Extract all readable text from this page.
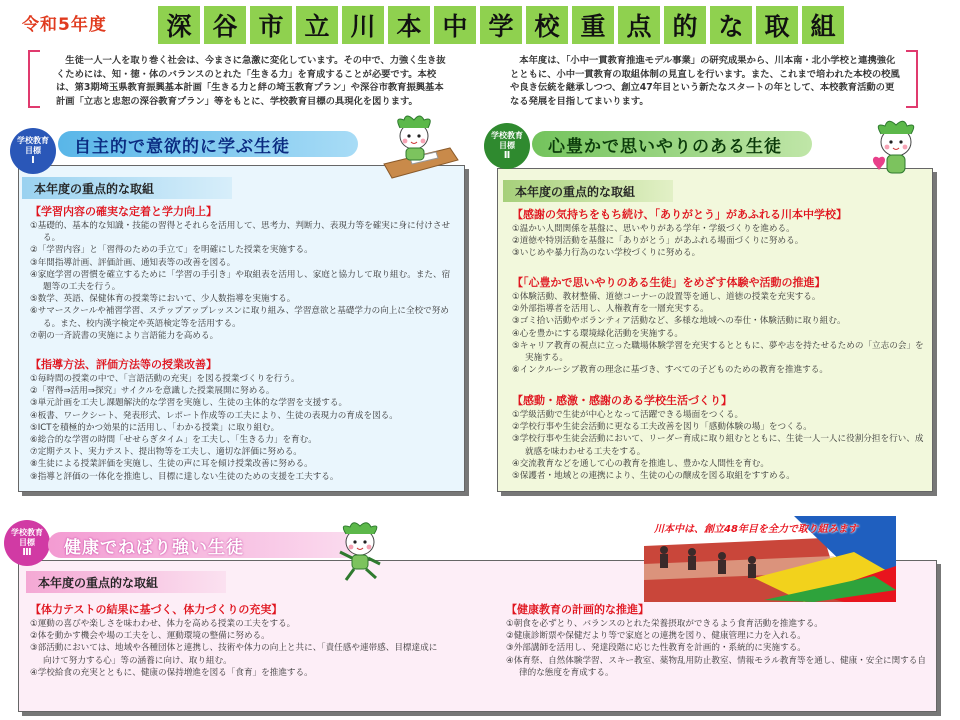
令和5年度	深 谷 市 立 川 本 中 学 校 重 点 的 な 取 組

生徒一人一人を取り巻く社会は、今まさに急激に変化しています。その中で、力強く生き抜くためには、知・徳・体のバランスのとれた「生きる力」を育成することが必要です。本校は、第3期埼玉県教育振興基本計画「生きる力と絆の埼玉教育プラン」や深谷市教育振興基本計画「立志と忠恕の深谷教育プラン」等をもとに、学校教育目標の具現化を図ります。

本年度は、「小中一貫教育推進モデル事業」の研究成果から、川本南・北小学校と連携強化とともに、小中一貫教育の取組体制の見直しを行います。また、これまで培われた本校の校風や良き伝統を継承しつつ、創立47年目という新たなスタートの年として、本校教育活動の更なる発展を目指してまいります。

学校教育
目標
Ⅰ
自主的で意欲的に学ぶ生徒
本年度の重点的な取組
【学習内容の確実な定着と学力向上】
①基礎的、基本的な知識・技能の習得とそれらを活用して、思考力、判断力、表現力等を確実に身に付けさせる。
②「学習内容」と「習得のための手立て」を明確にした授業を実施する。
③年間指導計画、評価計画、通知表等の改善を図る。
④家庭学習の習慣を確立するために「学習の手引き」や取組表を活用し、家庭と協力して取り組む。また、宿題等の工夫を行う。
⑤数学、英語、保健体育の授業等において、少人数指導を実施する。
⑥サマースクールや補習学習、ステップアップレッスンに取り組み、学習意欲と基礎学力の向上に全校で努める。また、校内漢字検定や英語検定等を活用する。
⑦朝の一斉読書の実施により言語能力を高める。
【指導方法、評価方法等の授業改善】
①毎時間の授業の中で、「言語活動の充実」を図る授業づくりを行う。
②「習得⇒活用⇒探究」サイクルを意識した授業展開に努める。
③単元計画を工夫し課題解決的な学習を実施し、生徒の主体的な学習を支援する。
④板書、ワークシート、発表形式、レポート作成等の工夫により、生徒の表現力の育成を図る。
⑤ICTを積極的かつ効果的に活用し、「わかる授業」に取り組む。
⑥総合的な学習の時間「せせらぎタイム」を工夫し、「生きる力」を育む。
⑦定期テスト、実力テスト、提出物等を工夫し、適切な評価に努める。
⑧生徒による授業評価を実施し、生徒の声に耳を傾け授業改善に努める。
⑨指導と評価の一体化を推進し、目標に達しない生徒のための支援を工夫する。
学校教育
目標
Ⅱ	心豊かで思いやりのある生徒
本年度の重点的な取組
【感謝の気持ちをもち続け、「ありがとう」があふれる川本中学校】
①温かい人間関係を基盤に、思いやりがある学年・学級づくりを進める。
②道徳や特別活動を基盤に「ありがとう」があふれる場面づくりに努める。
③いじめや暴力行為のない学校づくりに努める。
【「心豊かで思いやりのある生徒」をめざす体験や活動の推進】
①体験活動、教材整備、道徳コーナーの設置等を通し、道徳の授業を充実する。
②外部指導者を活用し、人権教育を一層充実する。
③ゴミ拾い活動やボランティア活動など、多様な地域への奉仕・体験活動に取り組む。
④心を豊かにする環境緑化活動を実施する。
⑤キャリア教育の視点に立った職場体験学習を充実するとともに、夢や志を持たせるための「立志の会」を実施する。
⑥インクルーシブ教育の理念に基づき、すべての子どものための教育を推進する。
【感動・感激・感謝のある学校生活づくり】
①学級活動で生徒が中心となって活躍できる場面をつくる。
②学校行事や生徒会活動に更なる工夫改善を図り「感動体験の場」をつくる。
③学校行事や生徒会活動において、リーダー育成に取り組むとともに、生徒一人一人に役割分担を行い、成就感を味わわせる工夫をする。
④交流教育などを通して心の教育を推進し、豊かな人間性を育む。
⑤保護者・地域との連携により、生徒の心の醸成を図る取組をすすめる。
学校教育
目標
Ⅲ	健康でねばり強い生徒
本年度の重点的な取組
【体力テストの結果に基づく、体力づくりの充実】
①運動の喜びや楽しさを味わわせ、体力を高める授業の工夫をする。
②体を動かす機会や場の工夫をし、運動環境の整備に努める。
③部活動においては、地域や各種団体と連携し、技術や体力の向上と共に、「責任感や連帯感、目標達成に向けて努力する心」等の涵養に向け、取り組む。
④学校給食の充実とともに、健康の保持増進を図る「食育」を推進する。
【健康教育の計画的な推進】
①朝食を必ずとり、バランスのとれた栄養摂取ができるよう食育活動を推進する。
②健康診断票や保健だより等で家庭との連携を図り、健康管理に力を入れる。
③外部講師を活用し、発達段階に応じた性教育を計画的・系統的に実施する。
④体育祭、自然体験学習、スキー教室、薬物乱用防止教室、情報モラル教育等を通し、健康・安全に関する自律的な態度を育成する。
川本中は、創立48年目を全力で取り組みます
